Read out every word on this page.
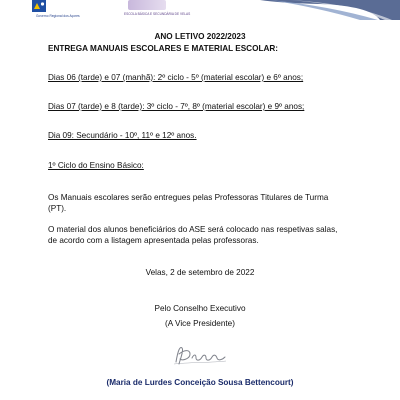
Governo Regional dos Açores	ESCOLA BÁSICA E SECUNDÁRIA DE VELAS
ANO LETIVO 2022/2023
ENTREGA MANUAIS ESCOLARES E MATERIAL ESCOLAR:
Dias 06 (tarde) e 07 (manhã): 2º ciclo - 5º (material escolar) e 6º anos;
Dias 07 (tarde) e 8 (tarde): 3º ciclo - 7º, 8º (material escolar) e 9º anos;
Dia 09: Secundário - 10º, 11º e 12º anos.
1º Ciclo do Ensino Básico:
Os Manuais escolares serão entregues pelas Professoras Titulares de Turma
(PT).
O material dos alunos beneficiários do ASE será colocado nas respetivas salas,
de acordo com a listagem apresentada pelas professoras.
Velas, 2 de setembro de 2022
Pelo Conselho Executivo
(A Vice Presidente)
(Maria de Lurdes Conceição Sousa Bettencourt)
